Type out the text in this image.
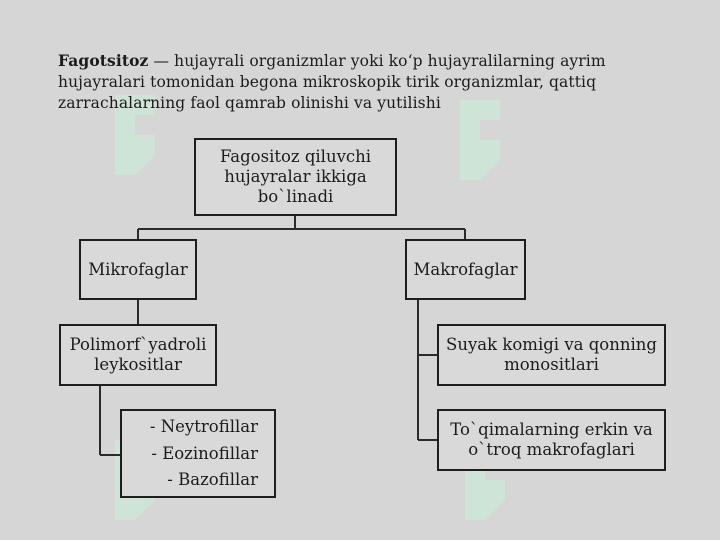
Fagotsitoz — hujayrali organizmlar yoki ko‘p hujayralilarning ayrim hujayralari tomonidan begona mikroskopik tirik organizmlar, qattiq zarrachalarning faol qamrab olinishi va yutilishi
Fagositoz qiluvchi
hujayralar ikkiga
bo`linadi
Mikrofaglar	Makrofaglar
Polimorf`yadroli
leykositlar
- Neytrofillar
- Eozinofillar
- Bazofillar
Suyak komigi va qonning
monositlari
To`qimalarning erkin va
o`troq makrofaglari
